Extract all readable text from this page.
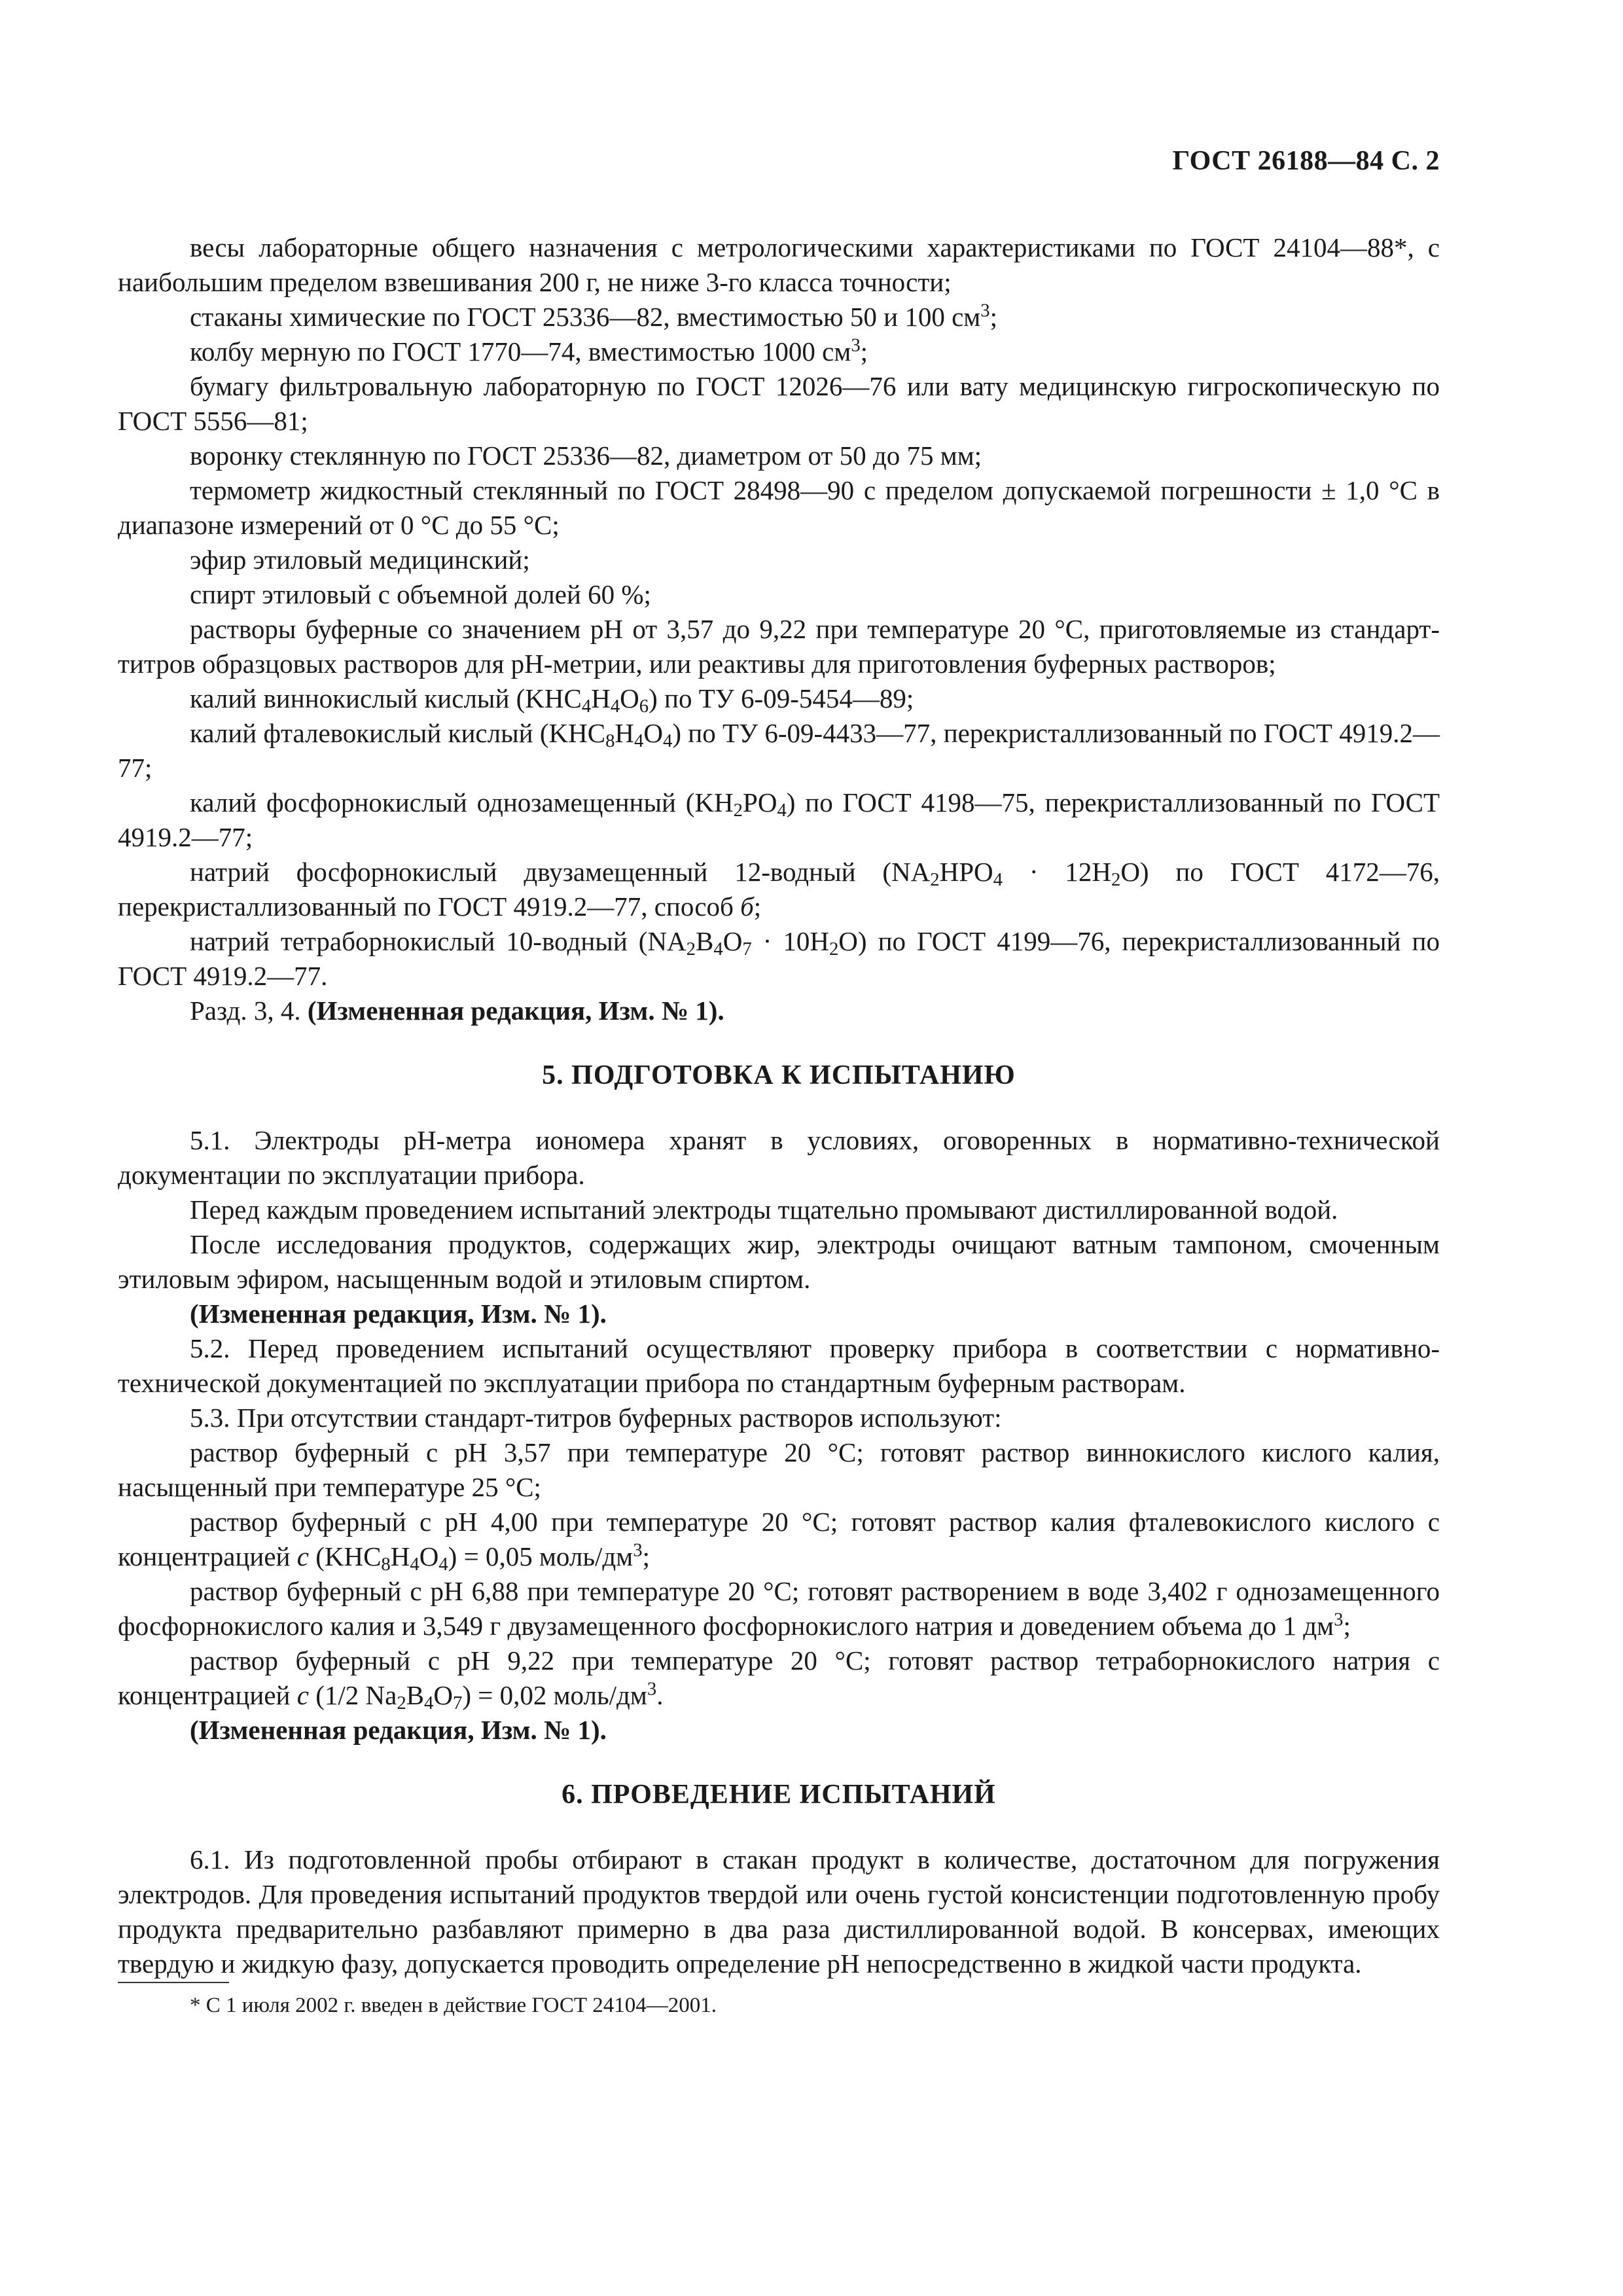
ГОСТ 26188—84 С. 2

весы лабораторные общего назначения с метрологическими характеристиками по ГОСТ 24104—88*, с наибольшим пределом взвешивания 200 г, не ниже 3-го класса точности;

стаканы химические по ГОСТ 25336—82, вместимостью 50 и 100 $см^3$;

колбу мерную по ГОСТ 1770—74, вместимостью 1000 $см^3$;

бумагу фильтровальную лабораторную по ГОСТ 12026—76 или вату медицинскую гигроскопическую по ГОСТ 5556—81;

воронку стеклянную по ГОСТ 25336—82, диаметром от 50 до 75 мм;

термометр жидкостный стеклянный по ГОСТ 28498—90 с пределом допускаемой погрешности ± 1,0 °C в диапазоне измерений от 0 °C до 55 °C;

эфир этиловый медицинский;

спирт этиловый с объемной долей 60 %;

растворы буферные со значением pH от 3,57 до 9,22 при температуре 20 °C, приготовляемые из стандарт-титров образцовых растворов для pH-метрии, или реактивы для приготовления буферных растворов;

калий виннокислый кислый $(KHC_4H_4O_6)$ по ТУ 6-09-5454—89;

калий фталевокислый кислый $(KHC_8H_4O_4)$ по ТУ 6-09-4433—77, перекристаллизованный по ГОСТ 4919.2—77;

калий фосфорнокислый однозамещенный $(KH_2PO_4)$ по ГОСТ 4198—75, перекристаллизованный по ГОСТ 4919.2—77;

натрий фосфорнокислый двузамещенный 12-водный $(NA_2HPO_4 \cdot 12H_2O)$ по ГОСТ 4172—76, перекристаллизованный по ГОСТ 4919.2—77, способ б;

натрий тетраборнокислый 10-водный $(NA_2B_4O_7 \cdot 10H_2O)$ по ГОСТ 4199—76, перекристаллизованный по ГОСТ 4919.2—77.

Разд. 3, 4. (Измененная редакция, Изм. № 1).

5. ПОДГОТОВКА К ИСПЫТАНИЮ

5.1. Электроды pH-метра иономера хранят в условиях, оговоренных в нормативно-технической документации по эксплуатации прибора.

Перед каждым проведением испытаний электроды тщательно промывают дистиллированной водой.

После исследования продуктов, содержащих жир, электроды очищают ватным тампоном, смоченным этиловым эфиром, насыщенным водой и этиловым спиртом.

(Измененная редакция, Изм. № 1).

5.2. Перед проведением испытаний осуществляют проверку прибора в соответствии с нормативно-технической документацией по эксплуатации прибора по стандартным буферным растворам.

5.3. При отсутствии стандарт-титров буферных растворов используют:

раствор буферный с pH 3,57 при температуре 20 °C; готовят раствор виннокислого кислого калия, насыщенный при температуре 25 °C;

раствор буферный с pH 4,00 при температуре 20 °C; готовят раствор калия фталевокислого кислого с концентрацией c $(KHC_8H_4O_4) = 0,05$ моль/$дм^3$;

раствор буферный с pH 6,88 при температуре 20 °C; готовят растворением в воде 3,402 г однозамещенного фосфорнокислого калия и 3,549 г двузамещенного фосфорнокислого натрия и доведением объема до 1 $дм^3$;

раствор буферный с pH 9,22 при температуре 20 °C; готовят раствор тетраборнокислого натрия с концентрацией c (1/2 $Na_2B_4O_7) = 0,02$ моль/$дм^3$.

(Измененная редакция, Изм. № 1).

6. ПРОВЕДЕНИЕ ИСПЫТАНИЙ

6.1. Из подготовленной пробы отбирают в стакан продукт в количестве, достаточном для погружения электродов. Для проведения испытаний продуктов твердой или очень густой консистенции подготовленную пробу продукта предварительно разбавляют примерно в два раза дистиллированной водой. В консервах, имеющих твердую и жидкую фазу, допускается проводить определение pH непосредственно в жидкой части продукта.

* С 1 июля 2002 г. введен в действие ГОСТ 24104—2001.
